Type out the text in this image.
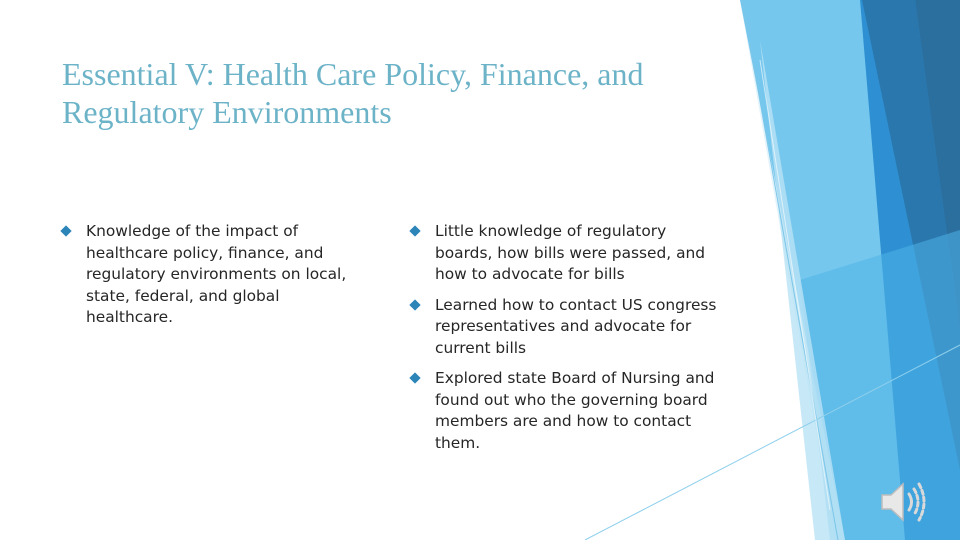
Essential V: Health Care Policy, Finance, and Regulatory Environments
Knowledge of the impact of healthcare policy, finance, and regulatory environments on local, state, federal, and global healthcare.
Little knowledge of regulatory boards, how bills were passed, and how to advocate for bills
Learned how to contact US congress representatives and advocate for current bills
Explored state Board of Nursing and found out who the governing board members are and how to contact them.
